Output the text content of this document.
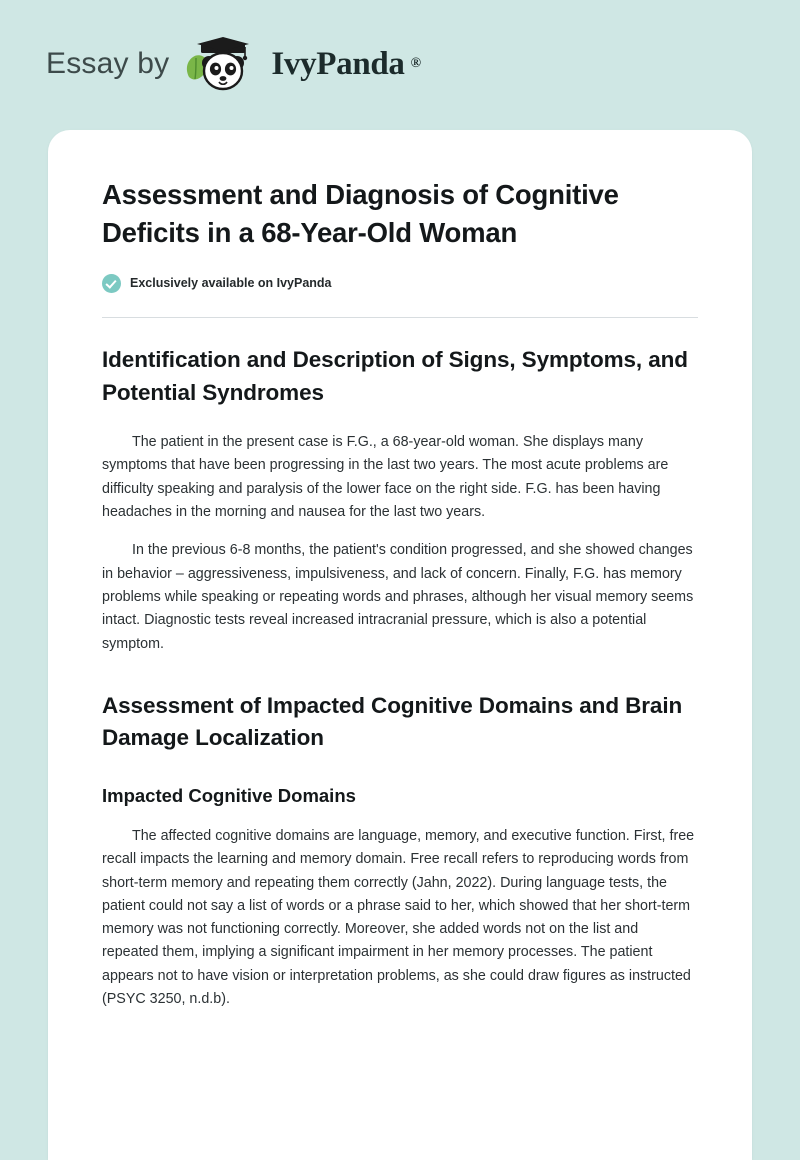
Essay by	IvyPanda ®
Assessment and Diagnosis of Cognitive Deficits in a 68-Year-Old Woman
Exclusively available on IvyPanda
Identification and Description of Signs, Symptoms, and Potential Syndromes

The patient in the present case is F.G., a 68-year-old woman. She displays many symptoms that have been progressing in the last two years. The most acute problems are difficulty speaking and paralysis of the lower face on the right side. F.G. has been having headaches in the morning and nausea for the last two years.

In the previous 6-8 months, the patient's condition progressed, and she showed changes in behavior – aggressiveness, impulsiveness, and lack of concern. Finally, F.G. has memory problems while speaking or repeating words and phrases, although her visual memory seems intact. Diagnostic tests reveal increased intracranial pressure, which is also a potential symptom.

Assessment of Impacted Cognitive Domains and Brain Damage Localization
Impacted Cognitive Domains

The affected cognitive domains are language, memory, and executive function. First, free recall impacts the learning and memory domain. Free recall refers to reproducing words from short-term memory and repeating them correctly (Jahn, 2022). During language tests, the patient could not say a list of words or a phrase said to her, which showed that her short-term memory was not functioning correctly. Moreover, she added words not on the list and repeated them, implying a significant impairment in her memory processes. The patient appears not to have vision or interpretation problems, as she could draw figures as instructed (PSYC 3250, n.d.b).
